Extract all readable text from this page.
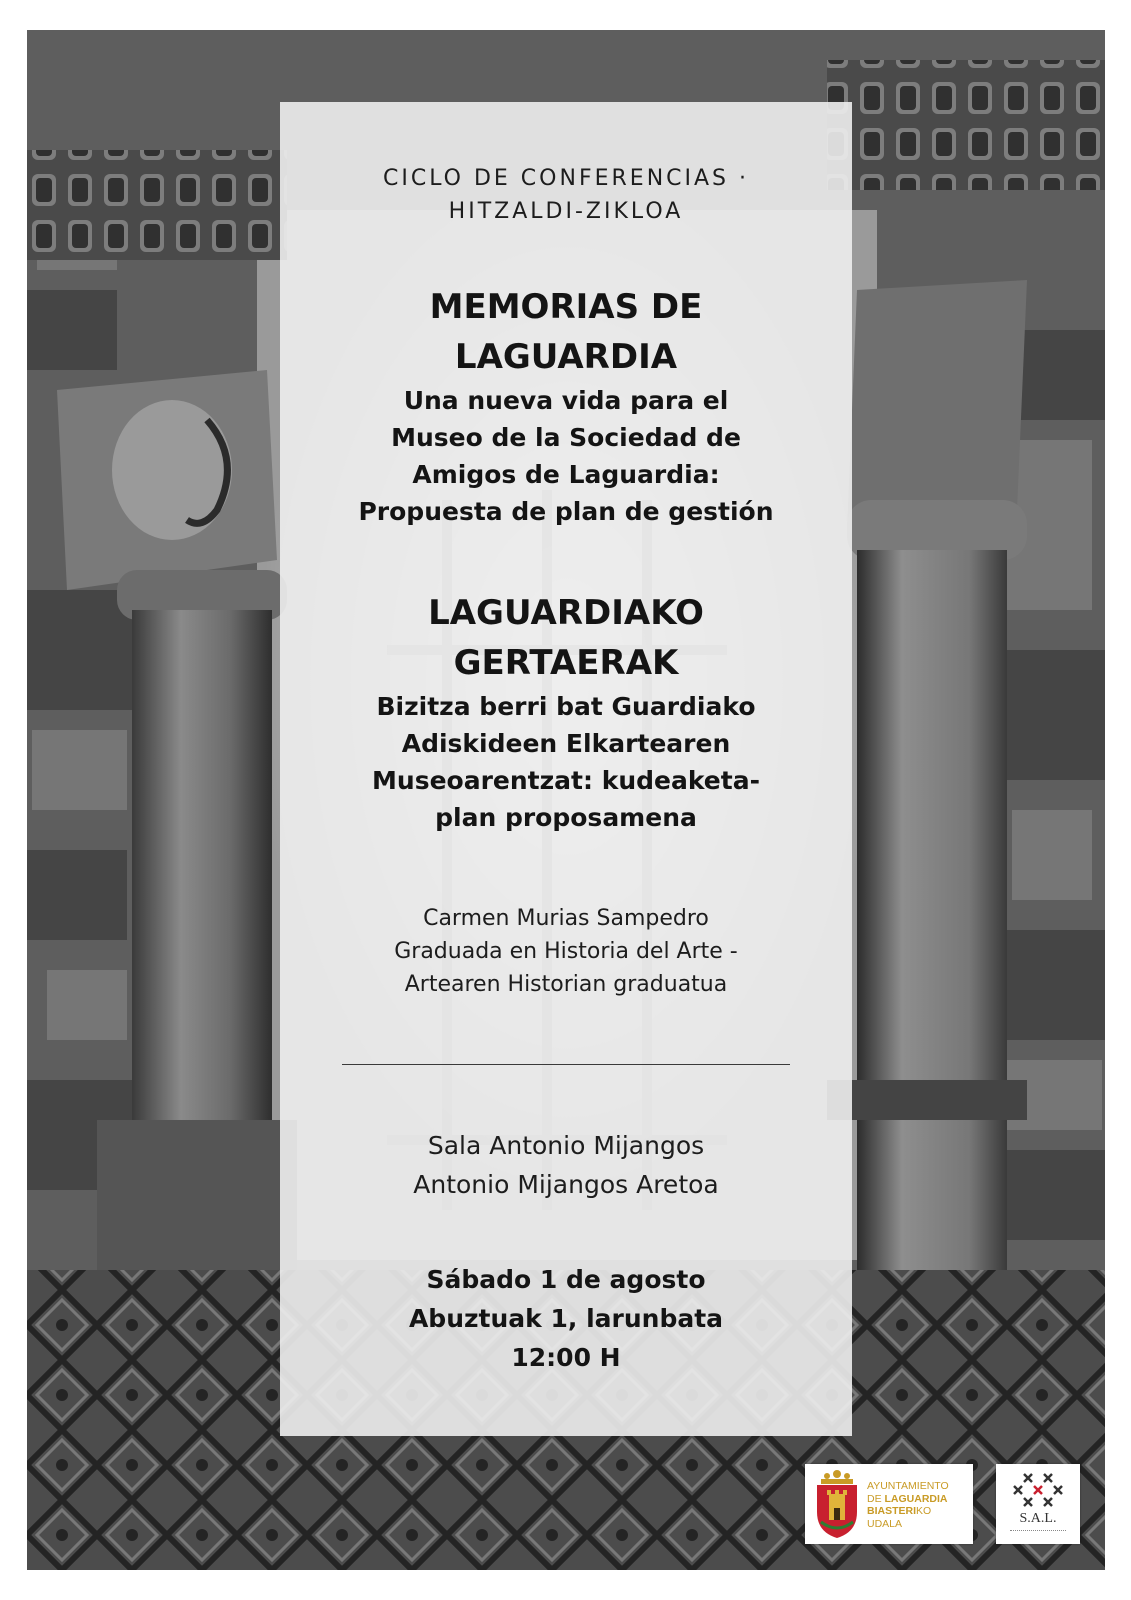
CICLO DE CONFERENCIAS ·
HITZALDI-ZIKLOA
MEMORIAS DE
LAGUARDIA
Una nueva vida para el
Museo de la Sociedad de
Amigos de Laguardia:
Propuesta de plan de gestión
LAGUARDIAKO
GERTAERAK
Bizitza berri bat Guardiako
Adiskideen Elkartearen
Museoarentzat: kudeaketa-
plan proposamena
Carmen Murias Sampedro
Graduada en Historia del Arte -
Artearen Historian graduatua
Sala Antonio Mijangos
Antonio Mijangos Aretoa
Sábado 1 de agosto
Abuztuak 1, larunbata
12:00 H
AYUNTAMIENTO
DE LAGUARDIA
BIASTERIKO
UDALA	S.A.L.
